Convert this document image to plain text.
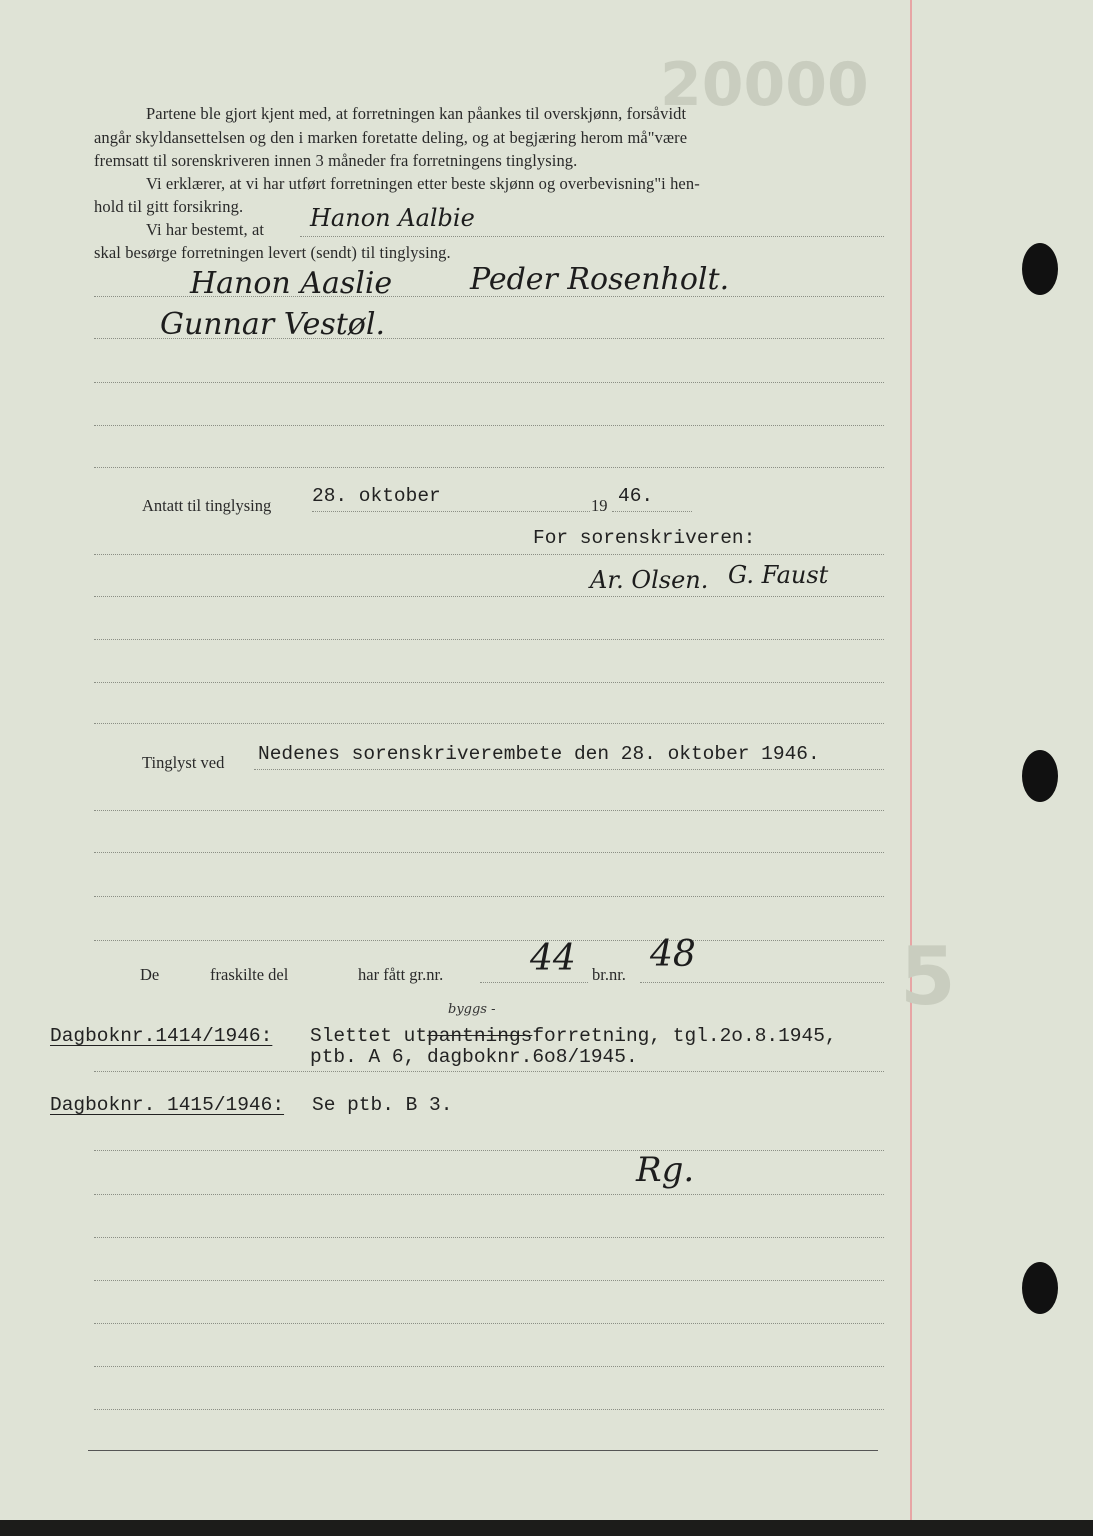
20000
5
Partene ble gjort kjent med, at forretningen kan påankes til overskjønn, forsåvidt
angår skyldansettelsen og den i marken foretatte deling, og at begjæring herom må"være
fremsatt til sorenskriveren innen 3 måneder fra forretningens tinglysing.
Vi erklærer, at vi har utført forretningen etter beste skjønn og overbevisning"i hen-
hold til gitt forsikring.
Vi har bestemt, at Hanon Aalbie
skal besørge forretningen levert (sendt) til tinglysing.
Hanon Aaslie	Peder Rosenholt.
Gunnar Vestøl.
Antatt til tinglysing 28. oktober	19 46.
For sorenskriveren:
Ar. Olsen. G. Faust
Tinglyst ved Nedenes sorenskriverembete den 28. oktober 1946.
De	fraskilte del	har fått gr.nr. 44 br.nr. 48
byggs -
Dagboknr.1414/1946: Slettet utpantningsforretning, tgl.2o.8.1945,
ptb. A 6, dagboknr.6o8/1945.
Dagboknr. 1415/1946: Se ptb. B 3.
Rg.
